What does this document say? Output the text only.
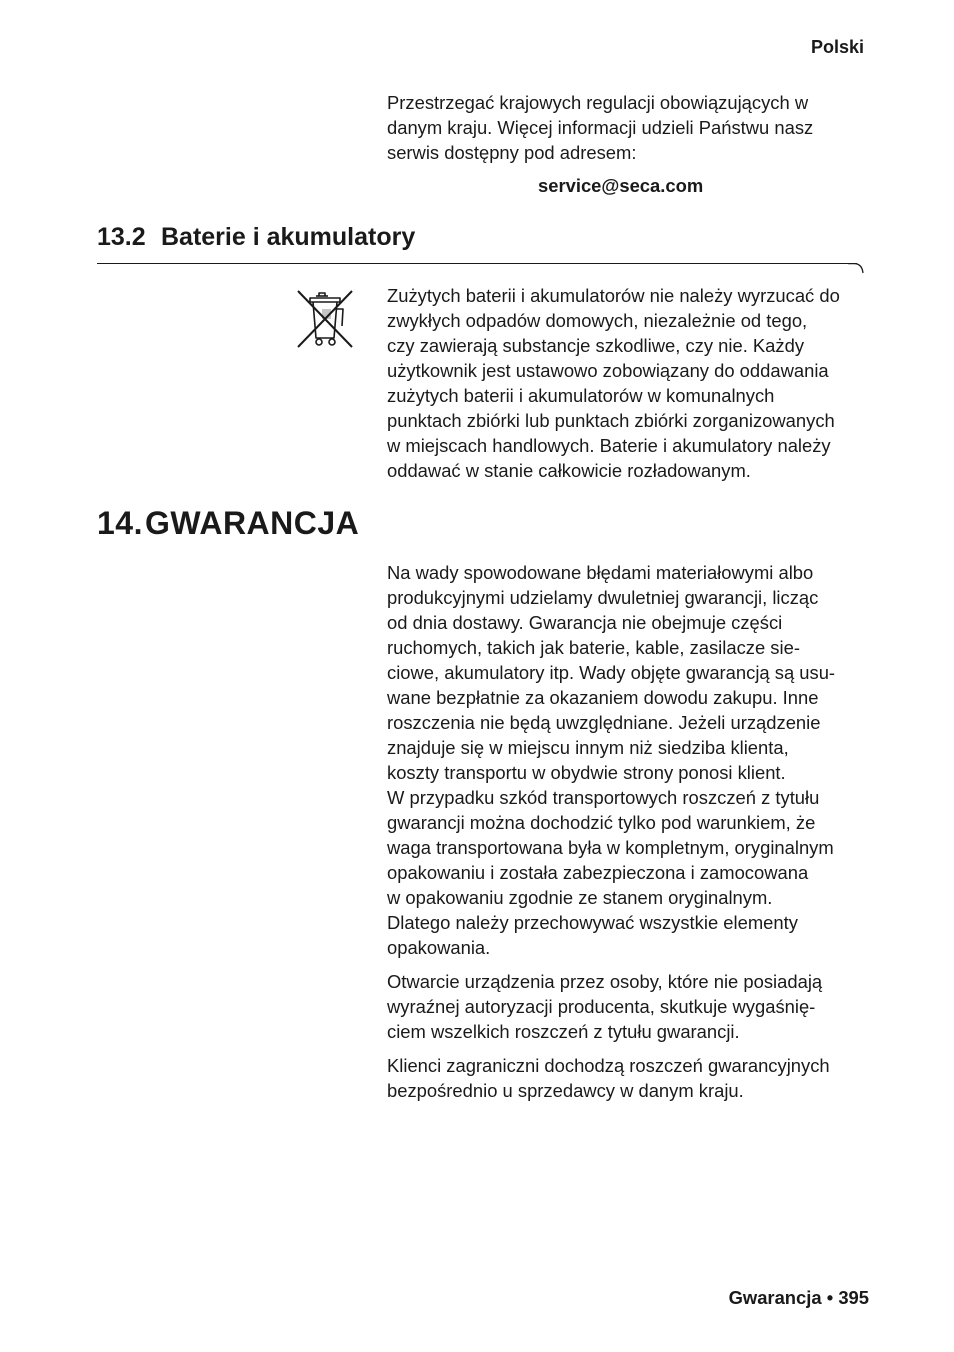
Polski
Przestrzegać krajowych regulacji obowiązujących w
danym kraju. Więcej informacji udzieli Państwu nasz
serwis dostępny pod adresem:
service@seca.com
13.2 Baterie i akumulatory
Zużytych baterii i akumulatorów nie należy wyrzucać do
zwykłych odpadów domowych, niezależnie od tego,
czy zawierają substancje szkodliwe, czy nie. Każdy
użytkownik jest ustawowo zobowiązany do oddawania
zużytych baterii i akumulatorów w komunalnych
punktach zbiórki lub punktach zbiórki zorganizowanych
w miejscach handlowych. Baterie i akumulatory należy
oddawać w stanie całkowicie rozładowanym.
14.GWARANCJA
Na wady spowodowane błędami materiałowymi albo
produkcyjnymi udzielamy dwuletniej gwarancji, licząc
od dnia dostawy. Gwarancja nie obejmuje części
ruchomych, takich jak baterie, kable, zasilacze sie-
ciowe, akumulatory itp. Wady objęte gwarancją są usu-
wane bezpłatnie za okazaniem dowodu zakupu. Inne
roszczenia nie będą uwzględniane. Jeżeli urządzenie
znajduje się w miejscu innym niż siedziba klienta,
koszty transportu w obydwie strony ponosi klient.
W przypadku szkód transportowych roszczeń z tytułu
gwarancji można dochodzić tylko pod warunkiem, że
waga transportowana była w kompletnym, oryginalnym
opakowaniu i została zabezpieczona i zamocowana
w opakowaniu zgodnie ze stanem oryginalnym.
Dlatego należy przechowywać wszystkie elementy
opakowania.
Otwarcie urządzenia przez osoby, które nie posiadają
wyraźnej autoryzacji producenta, skutkuje wygaśnię-
ciem wszelkich roszczeń z tytułu gwarancji.
Klienci zagraniczni dochodzą roszczeń gwarancyjnych
bezpośrednio u sprzedawcy w danym kraju.
Gwarancja • 395
